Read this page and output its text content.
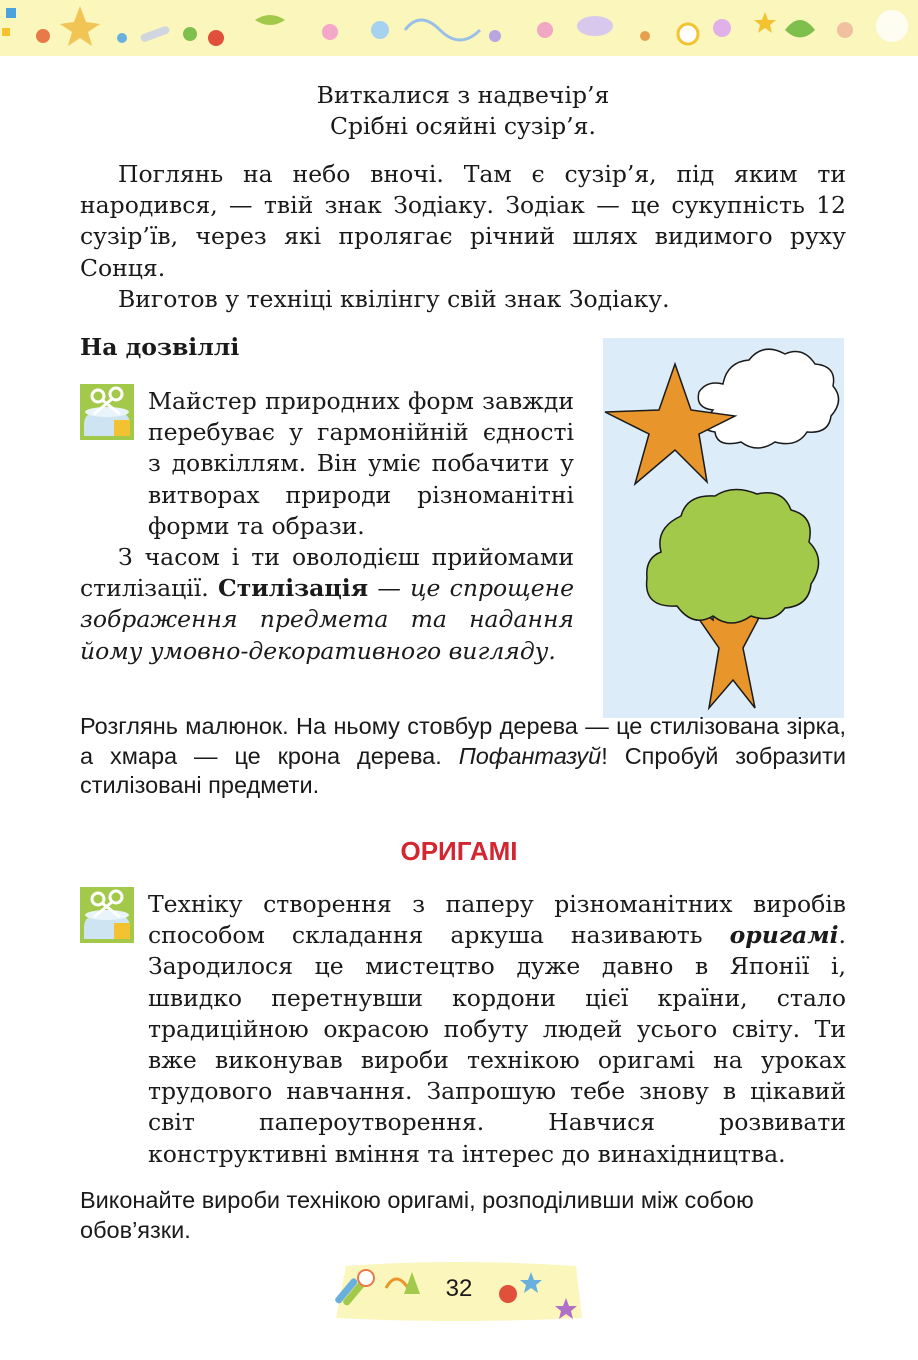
Виткалися з надвечір’я
Срібні осяйні сузір’я.

Поглянь на небо вночі. Там є сузір’я, під яким ти народився, — твій знак Зодіаку. Зодіак — це сукупність 12 сузір’їв, через які пролягає річний шлях видимого руху Сонця.

Виготов у техніці квілінгу свій знак Зодіаку.

На дозвіллі

Майстер природних форм завжди перебуває у гармонійній єдності з довкіллям. Він уміє побачити у витворах природи різноманітні форми та образи.

З часом і ти оволодієш прийомами стилізації. Стилізація — це спрощене зображення предмета та надання йому умовно-декоративного вигляду.

Розглянь малюнок. На ньому стовбур дерева — це стилізована зірка, а хмара — це крона дерева. Пофантазуй! Спробуй зобразити стилізовані предмети.
ОРИГАМІ

Техніку створення з паперу різноманітних виробів способом складання аркуша називають оригамі. Зародилося це мистецтво дуже давно в Японії і, швидко перетнувши кордони цієї країни, стало традиційною окрасою побуту людей усього світу. Ти вже виконував вироби технікою оригамі на уроках трудового навчання. Запрошую тебе знову в цікавий світ папероутворення. Навчися розвивати конструктивні вміння та інтерес до винахідництва.

Виконайте вироби технікою оригамі, розподіливши між собою обов’язки.
32
